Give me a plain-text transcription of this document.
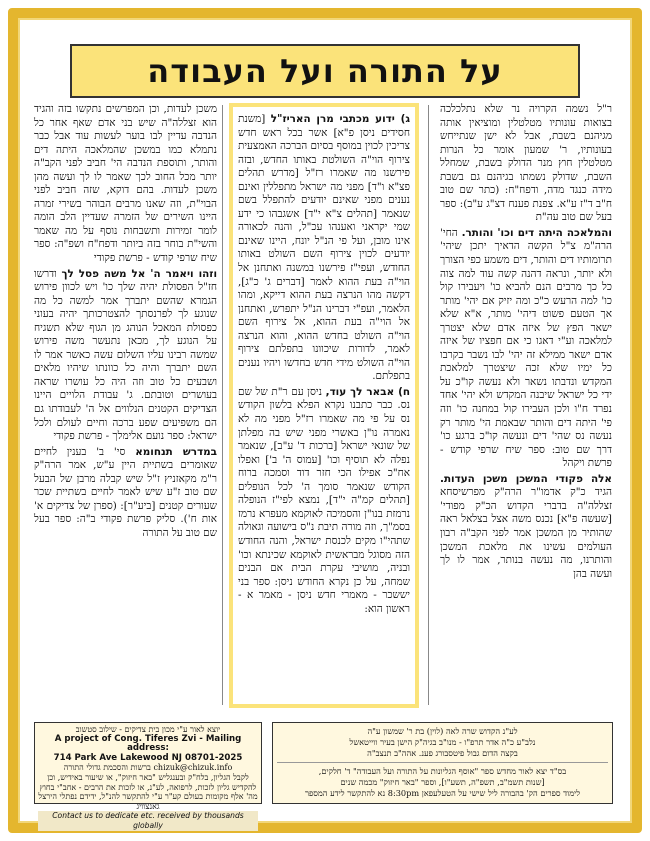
על התורה ועל העבודה

ר"ל נשמה הקרויה נר שלא נתלכלכה בצואות עונותיו מטלטלין ומוציאין אותה מגיהנם בשבת, אבל לא ישן שנתייחש בעונותיו, ר' שמעון אומר כל הנרות מטלטלין חוץ מנר הדולק בשבת, שמחלל השבת, שדולק נשמתו בגיהנם גם בשבת מידה כנגד מדה, ודפח"ח: (כתר שם טוב ח"ב ד"ז ע"א. צפנת פענח דצ"ג ע"ב): ספר בעל שם טוב עה"ת

והמלאכה היתה דים וכו' והותר. החי' הרה"מ צ"ל הקשה הדאיך יתכן שיהי' תרומותיו דים והותר, דים משמע כפי הצורך ולא יותר, ונראה דהנה קשה עוד למה צוה כל כך מרבים הנם להביא כו' ויעבירו קול כו' למה הרעש כ"כ ומה יזיק אם יהי' מותר אך הטעם פשוט דיהי' מותר, א"א שלא ישאר הפץ של איזה אדם שלא יצטרך למלאכה וע"י דאגו כי אם חפציו של איזה אדם ישאר ממילא זה יהי' לבו נשבר בקרבו כל ימיו שלא זכה שיצטרך למלאכת המקדש ונדבתו נשאר ולא נעשה קו"כ על ידי כל ישראל שיבנה המקדש ולא יהי' אחד נפרד ח"ו ולכן העבירו קול במחנה כו' וזה פי' היתה דים והותר שבאמת הי' מותר רק נעשה נס שהי' דים ונעשה קו"כ ברגע כו' דרך שם טוב: ספר שיח שרפי קודש - פרשת ויקהל

אלה פקודי המשכן משכן העדות. הגיד כ"ק אדמו"ר הרה"ק מפרשיסחא זצללה"ה בדברי הקדוש הכ"ק מפודי' [שעשה פ"א] נכנס משה אצל בצלאל ראה שהותיר מן המשכן אמר לפני הקב"ה רבון העולמים עשינו את מלאכת המשכן והותרנו, מה נעשה בנותר, אמר לו לך ועשה בהן

ג) ידוע מכתבי מרן האריז"ל [משנת חסידים ניסן פ"א] אשר בכל ראש חדש צריכין לכוין במוסף בסיום הברכה האמצעית צירוף הוי"ה השולטת באותו החדש, ובזה פירשנו מה שאמרו רז"ל [מדרש תהלים פצ"א ו"ד] מפני מה ישראל מתפללין ואינם נענים מפני שאינם יודעים להתפלל בשם שנאמר [תהלים צ"א י"ד] אשגבהו כי ידע שמי יקראני ואענהו עכ"ל, והנה לכאורה אינו מובן, ועל פי הנ"ל יונח, היינו שאינם יודעים לכוין צירוף השם השולט באותו החודש, ועפי"ז פירשנו במשנה ואתחנן אל הוי"ה בעת ההוא לאמר [דברים ג' כ"ג], דקשה מהו הנרצה בעת ההוא דייקא, ומהו הלאמר, ועפ"י דברינו הנ"ל יתפרש, ואתחנן אל הוי"ה בעת ההוא, אל צירוף השם הוי"ה השולט בחדש ההוא, והוא הנרצה לאמר, לדורות שיכוונו בתפלתם צירוף הוי"ה השולט מידי חדש בחדשו ויהיו נענים בתפלתם.

ח) אבאר לך עוד, ניסן עם ר"ת של שם נס. כבר כתבנו נקרא הפלא בלשון הקודש נס על פי מה שאמרו רז"ל מפני מה לא נאמרה נו"ן באשרי מפני שיש בה מפלתן של שונאי ישראל [ברכות ד' ע"ב], שנאמר נפלה לא תוסיף וכו' [עמוס ה' ב'] ואפלו אח"כ אפילו הכי חזר דוד וסמכה ברוח הקודש שנאמר סומך ה' לכל הנופלים [תהלים קמ"ה י"ד], נמצא לפי"ז הנופלה נרמזת בנו"ן והסמיכה לאוקמא מעפרא נרמז בסמ"ך, וזה מורה תיבת נ"ס בישועה וגאולה שתהי"ו מקים לכנסת ישראל, והנה החודש הזה מסוגל מבראשית לאוקמא שכינתא וכו' ובניה, מושיבי עקרת הבית אם הבנים שמחה, על כן נקרא החודש ניסן: ספר בני יששכר - מאמרי חדש ניסן - מאמר א - ראשון הוא:

משכן לעדות, וכן המפרשים נתקשו בזה והגיד הוא זצללה"ה שיש בני אדם שאף אחר כל הנדבה עדיין לבו בוער לעשות עוד אבל כבר נתמלא כמו במשכן שהמלאכה היתה דים והותר, ותוספת הנדבה הי' חביב לפני הקב"ה יותר מכל החוב לכך שאמר לו לך ועשה מהן משכן לעדות. בהם דוקא, שזה חביב לפני הבוי"ת, וזה שאנו מרבים הבוהר בשירי זמרה היינו השירים של הזמרה שעדיין הלב הומה לומר זמירות ותשבחות נוסף על מה שאמר והשי"ת בוחר בזה ביותר ודפח"ח ושפ"ה: ספר שיח שרפי קודש - פרשת פקודי

וזהו ויאמר ה' אל משה פסל לך ודרשו חז"ל הפסולת יהיה שלך כו' ויש לכוון פירוש הגמרא שהשם יתברך אמר למשה כל מה שנוגע לך לפרנסתך להצטרכותך יהיה בעוני כפסולת המאכל הנוהג מן הגוף שלא תשגיח על הנוגע לך, מכאן נתעשר משה פירוש שמשה רבינו עליו השלום עשה כאשר אמר לו השם יתברך והיה כל כוונתו שיהיו מלאים ושבעים כל טוב וזה היה כל עושרו שראה בעושרים וטובתם. ג' עבודת הלויים היינו הצדיקים הקטנים הנלווים אל ה' לעבודתו גם הם משפיעים שפע ברכה וחיים לעולם ולכל ישראל: ספר נועם אלימלך - פרשת פקודי

במדרש תנחומא סי' ב' בענין לחיים שאומרים בשתיית היין ע"ש, אמר הרה"ק ר"מ מקאזניץ ז"ל שיש קבלה מרבן של הבעל שם טוב ז"ע שיש לאמר לחיים בשתיית שכר שעורים קטנים [ביע"ר]: (ספרן של צדיקים א' אות ח'). סליק פרשת פקודי ב"ה: ספר בעל שם טוב על התורה

יוצא לאור ע"י מכון בית צדיקים - שילוב סטשוב
A project of Cong. Tiferes Zvi - Mailing address:
714 Park Ave Lakewood NJ 08701-2025
chizuk@chizuk.info ברשות והסכמת גדולי התורה
לקבל הגליון, בלח"ק ובענגליש "באר חיזוק", או שיעור באידיש, וכן להקדיש גליון לזכות, לרפואה, לע"נ, או לזכות את הרבים - אחב"י בחוץ מה' אלף מקומות בעולם קע"ר ע"י להתקשר להנ"ל, ידידם נפתלי הירצל גאנצוויג
Contact us to dedicate etc. received by thousands globally

לע"נ הקדוש שרה לאה (לוין) בת ר' שמשון ע"ה

נלב"ע כ"ה אדר תרפ"ו - מנו"ב בגיה"ק הישן בעיר ווייטאשל

בקצה הדום גבול פיטסבורג פענ. אהה"ב תנצב"ה

בס"ד יצא לאור מחדש ספר "אוסף הגליונות על התורה ועל העבודה" ד' חלקים,

[שנות תשמ"ב, תשפ"ה, תשע"ו], וספר "באר חיזוק" מכמה שנים

לימוד ספרים הק' בהבורה ליל שישי על הטעלעפאן 8:30pm נא להתקשר לידע המספר
